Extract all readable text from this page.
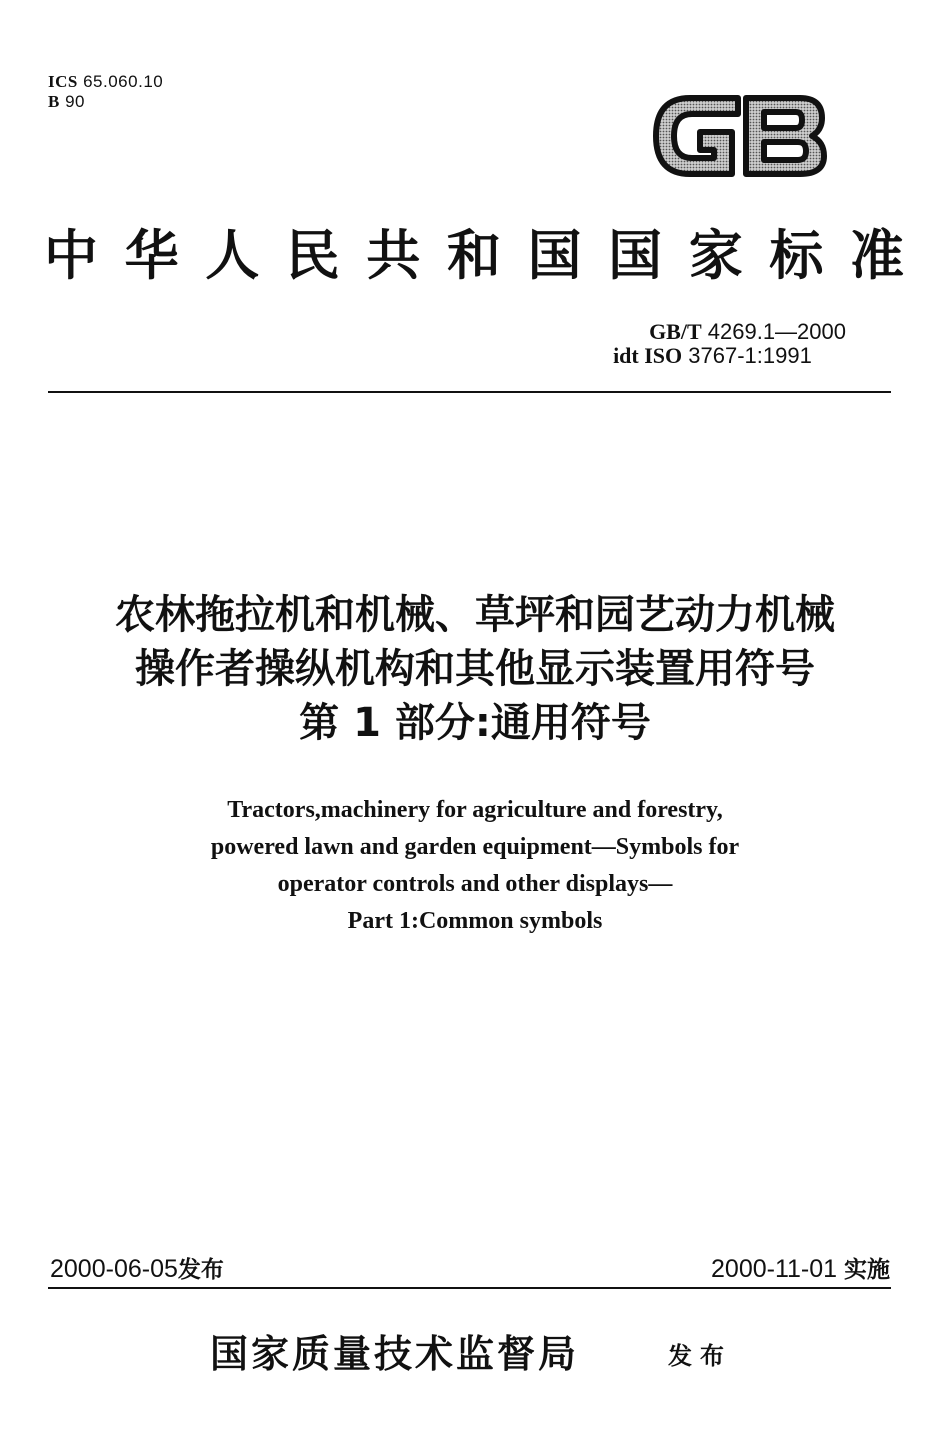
ICS 65.060.10
B 90
中 华 人 民 共 和 国 国 家 标 准
GB/T 4269.1—2000
idt ISO 3767-1:1991
农林拖拉机和机械、草坪和园艺动力机械
操作者操纵机构和其他显示装置用符号
第 1 部分:通用符号
Tractors,machinery for agriculture and forestry,
powered lawn and garden equipment—Symbols for
operator controls and other displays—
Part 1:Common symbols
2000-06-05发布	2000-11-01 实施
国家质量技术监督局	发布
